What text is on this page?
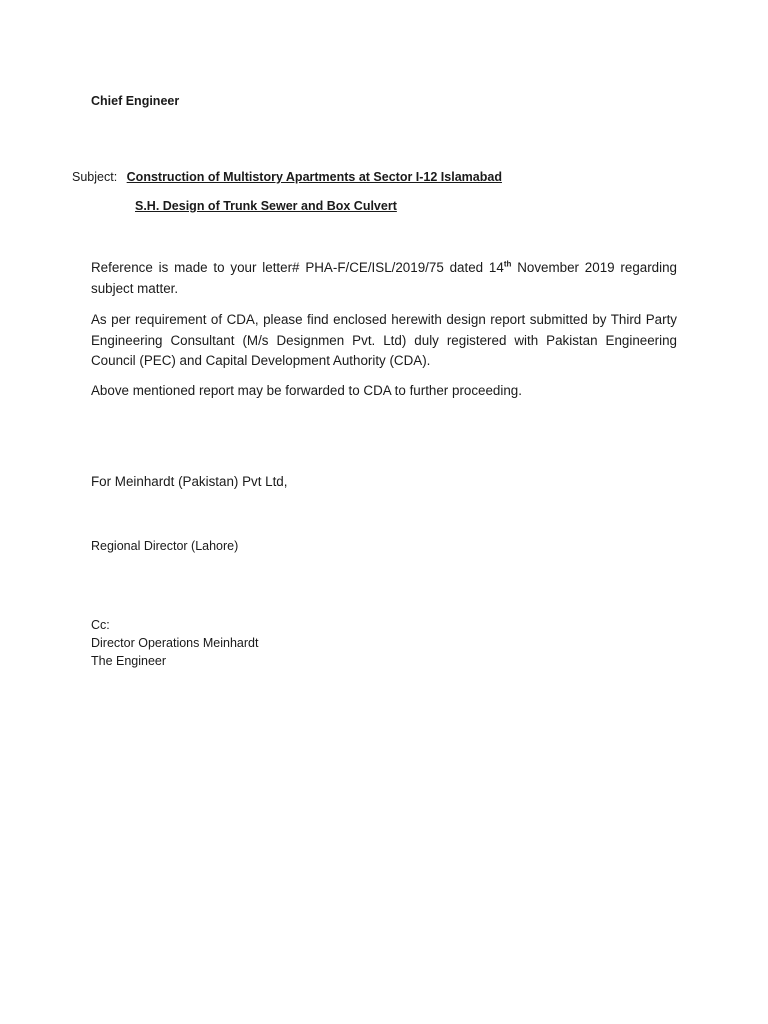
Chief Engineer
Subject: Construction of Multistory Apartments at Sector I-12 Islamabad
S.H. Design of Trunk Sewer and Box Culvert

Reference is made to your letter# PHA-F/CE/ISL/2019/75 dated 14th November 2019 regarding subject matter.

As per requirement of CDA, please find enclosed herewith design report submitted by Third Party Engineering Consultant (M/s Designmen Pvt. Ltd) duly registered with Pakistan Engineering Council (PEC) and Capital Development Authority (CDA).

Above mentioned report may be forwarded to CDA to further proceeding.

For Meinhardt (Pakistan) Pvt Ltd,
Regional Director (Lahore)
Cc:
Director Operations Meinhardt
The Engineer
